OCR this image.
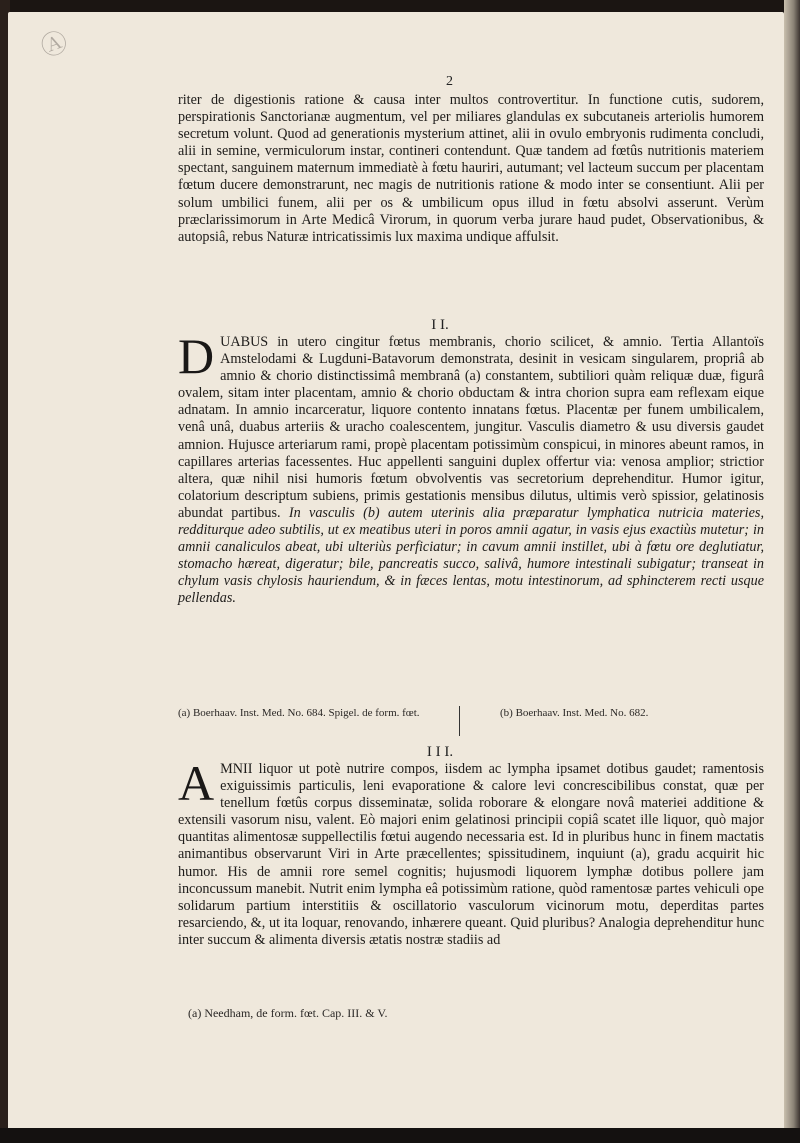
Ⓐ
2

riter de digestionis ratione & causa inter multos controvertitur. In functione cutis, sudorem, perspirationis Sanctorianæ augmentum, vel per miliares glandulas ex subcutaneis arteriolis humorem secretum volunt. Quod ad generationis mysterium attinet, alii in ovulo embryonis rudimenta concludi, alii in semine, vermiculorum instar, contineri contendunt. Quæ tandem ad fœtûs nutritionis materiem spectant, sanguinem maternum immediatè à fœtu hauriri, autumant; vel lacteum succum per placentam fœtum ducere demonstrarunt, nec magis de nutritionis ratione & modo inter se consentiunt. Alii per solum umbilici funem, alii per os & umbilicum opus illud in fœtu absolvi asserunt. Verùm præclarissimorum in Arte Medicâ Virorum, in quorum verba jurare haud pudet, Observationibus, & autopsiâ, rebus Naturæ intricatissimis lux maxima undique affulsit.

I I.
D UABUS in utero cingitur fœtus membranis, chorio scilicet, & amnio. Tertia Allantoïs Amstelodami & Lugduni-Batavorum demonstrata, desinit in vesicam singularem, propriâ ab amnio & chorio distinctissimâ membranâ (a) constantem, subtiliori quàm reliquæ duæ, figurâ ovalem, sitam inter placentam, amnio & chorio obductam & intra chorion supra eam reflexam eique adnatam. In amnio incarceratur, liquore contento innatans fœtus. Placentæ per funem umbilicalem, venâ unâ, duabus arteriis & uracho coalescentem, jungitur. Vasculis diametro & usu diversis gaudet amnion. Hujusce arteriarum rami, propè placentam potissimùm conspicui, in minores abeunt ramos, in capillares arterias facessentes. Huc appellenti sanguini duplex offertur via: venosa amplior; strictior altera, quæ nihil nisi humoris fœtum obvolventis vas secretorium deprehenditur. Humor igitur, colatorium descriptum subiens, primis gestationis mensibus dilutus, ultimis verò spissior, gelatinosis abundat partibus. In vasculis (b) autem uterinis alia præparatur lymphatica nutricia materies, redditurque adeo subtilis, ut ex meatibus uteri in poros amnii agatur, in vasis ejus exactiùs mutetur; in amnii canaliculos abeat, ubi ulteriùs perficiatur; in cavum amnii instillet, ubi à fœtu ore deglutiatur, stomacho hæreat, digeratur; bile, pancreatis succo, salivâ, humore intestinali subigatur; transeat in chylum vasis chylosis hauriendum, & in fæces lentas, motu intestinorum, ad sphincterem recti usque pellendas.
(a) Boerhaav. Inst. Med. No. 684. Spigel. de form. fœt.	(b) Boerhaav. Inst. Med. No. 682.
I I I.
A MNII liquor ut potè nutrire compos, iisdem ac lympha ipsamet dotibus gaudet; ramentosis exiguissimis particulis, leni evaporatione & calore levi concrescibilibus constat, quæ per tenellum fœtûs corpus disseminatæ, solida roborare & elongare novâ materiei additione & extensili vasorum nisu, valent. Eò majori enim gelatinosi principii copiâ scatet ille liquor, quò major quantitas alimentosæ suppellectilis fœtui augendo necessaria est. Id in pluribus hunc in finem mactatis animantibus observarunt Viri in Arte præcellentes; spissitudinem, inquiunt (a), gradu acquirit hic humor. His de amnii rore semel cognitis; hujusmodi liquorem lymphæ dotibus pollere jam inconcussum manebit. Nutrit enim lympha eâ potissimùm ratione, quòd ramentosæ partes vehiculi ope solidarum partium interstitiis & oscillatorio vasculorum vicinorum motu, deperditas partes resarciendo, &, ut ita loquar, renovando, inhærere queant. Quid pluribus? Analogia deprehenditur hunc inter succum & alimenta diversis ætatis nostræ stadiis ad
(a) Needham, de form. fœt. Cap. III. & V.
